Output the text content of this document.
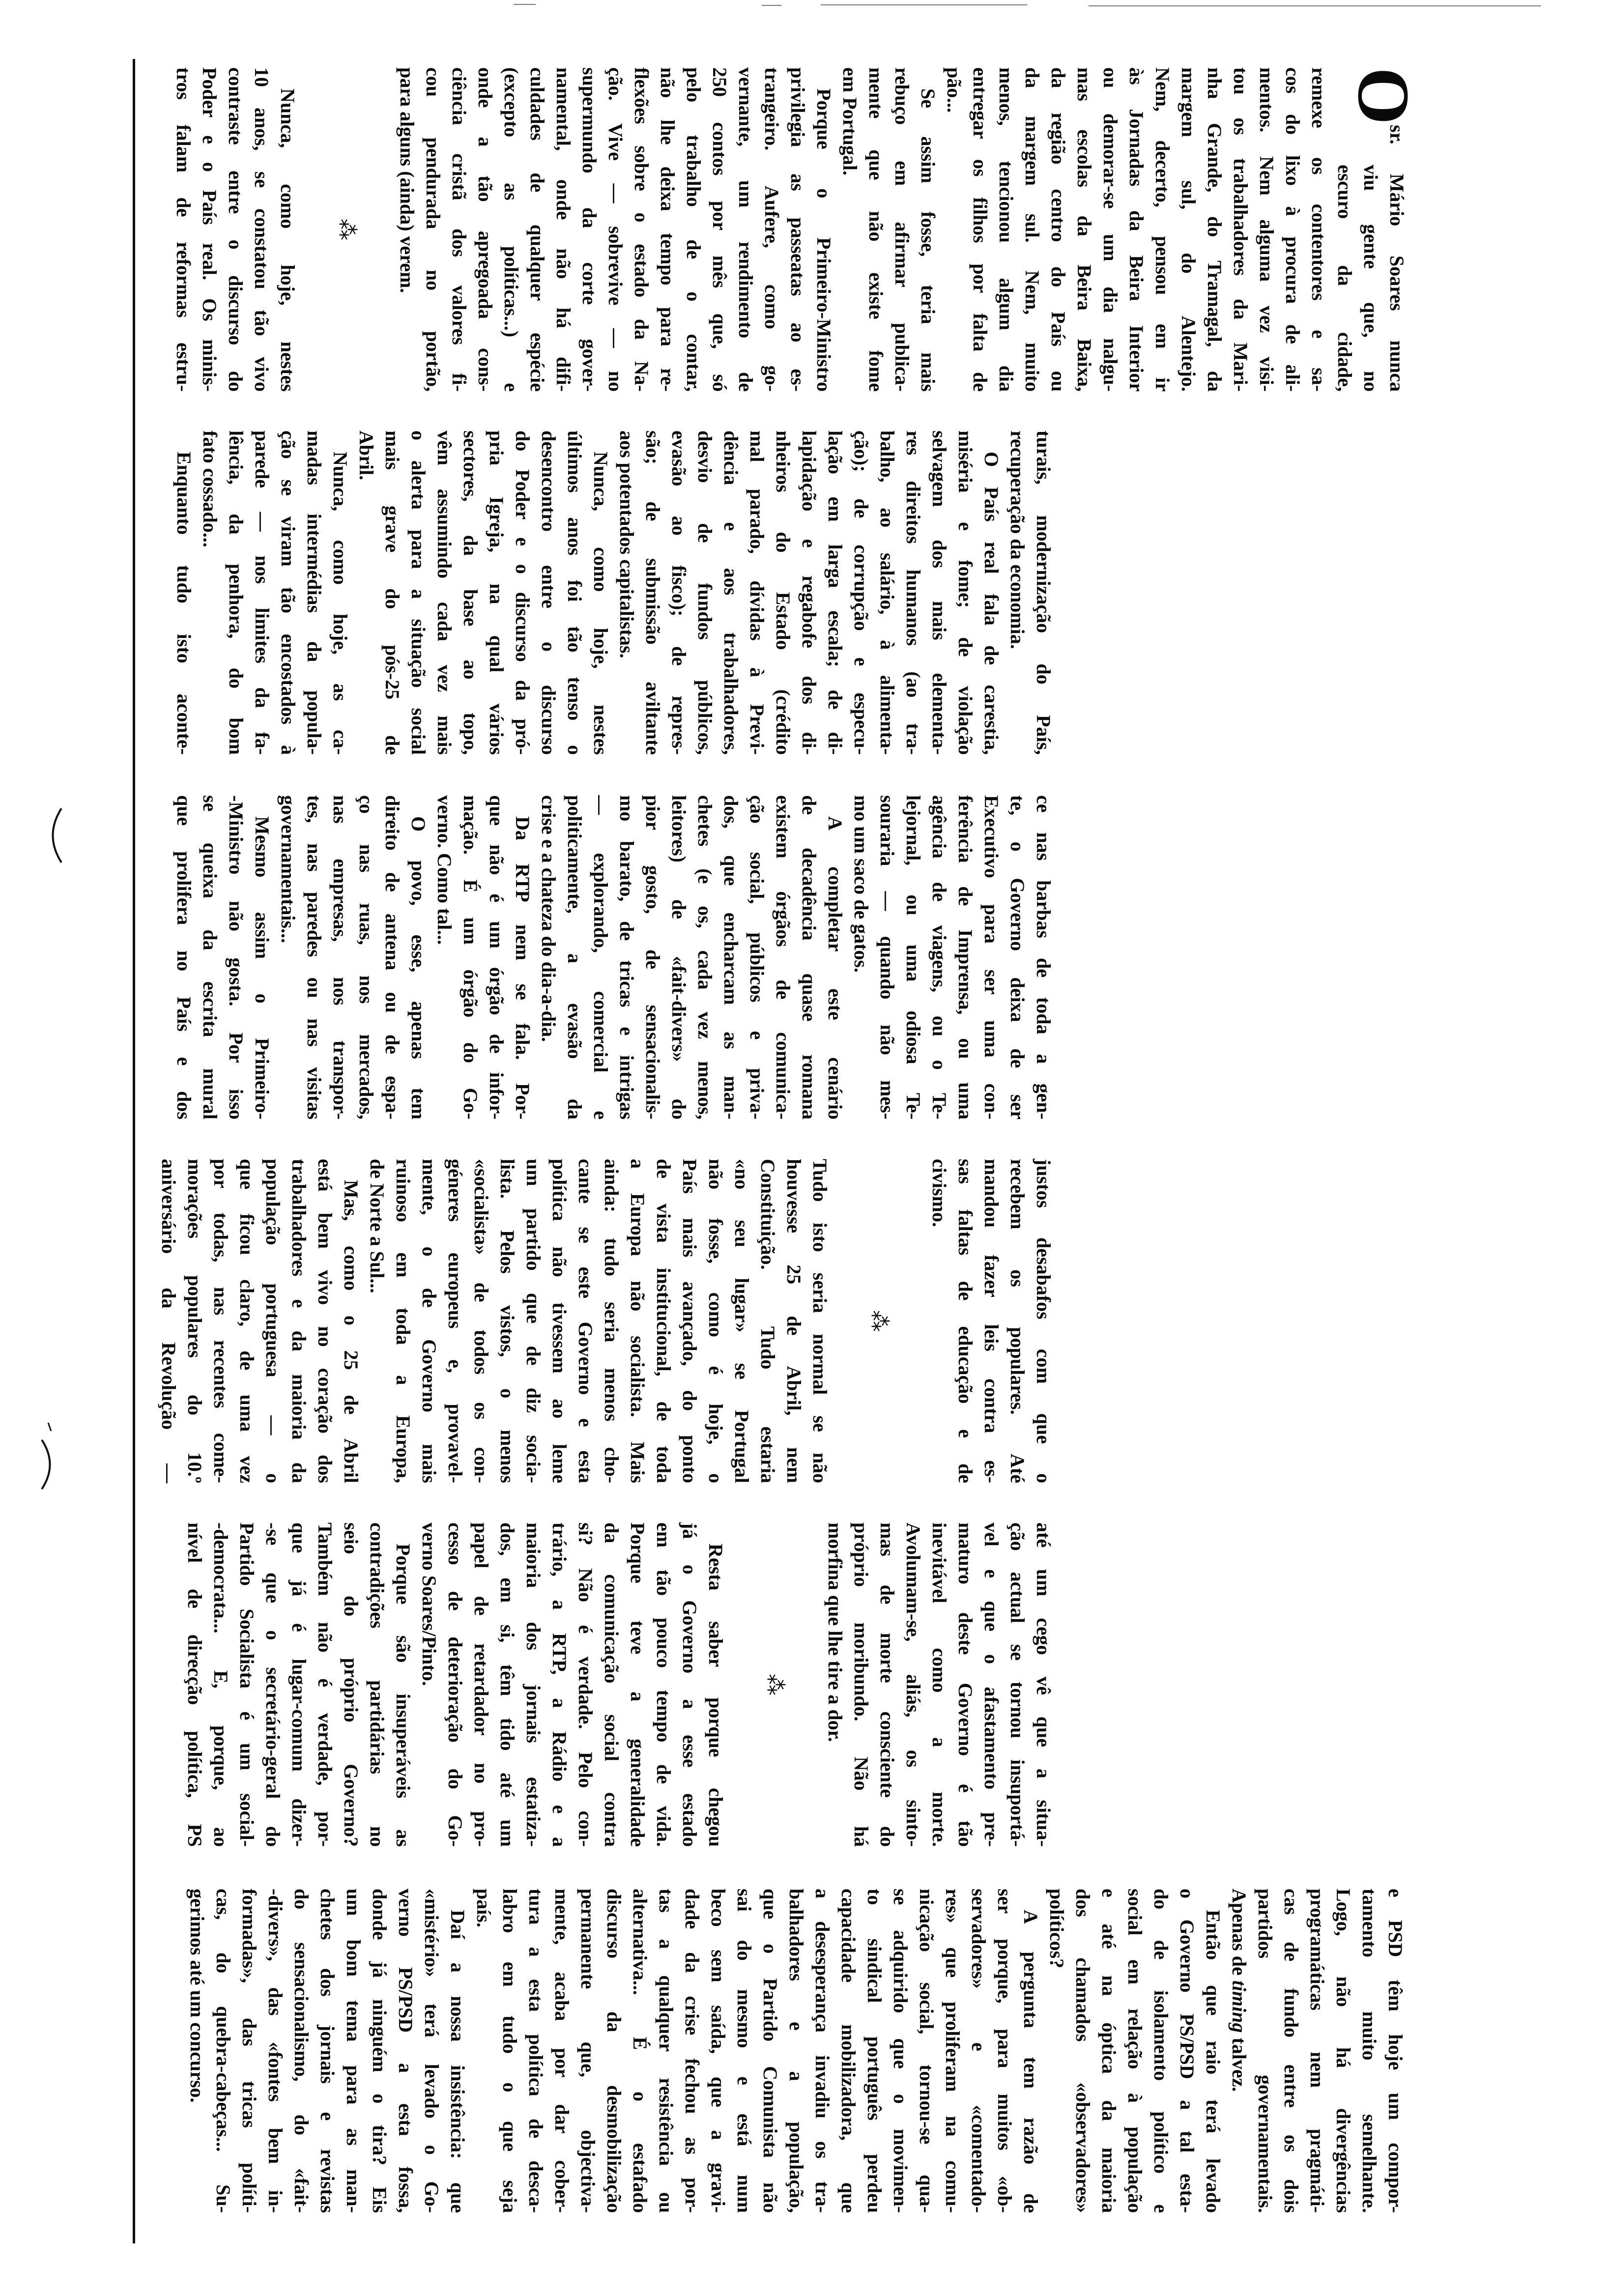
O
sr. Mário Soares nunca
viu gente que, no
escuro da cidade,
remexe os contentores e sa-
cos do lixo à procura de ali-
mentos. Nem alguma vez visi-
tou os trabalhadores da Mari-
nha Grande, do Tramagal, da
margem sul, do Alentejo.
Nem, decerto, pensou em ir
às Jornadas da Beira Interior
ou demorar-se um dia nalgu-
mas escolas da Beira Baixa,
da região centro do País ou
da margem sul. Nem, muito
menos, tencionou algum dia
entregar os filhos por falta de
pão...
Se assim fosse, teria mais
rebuço em afirmar publica-
mente que não existe fome
em Portugal.
Porque o Primeiro-Ministro
privilegia as passeatas ao es-
trangeiro. Aufere, como go-
vernante, um rendimento de
250 contos por mês que, só
pelo trabalho de o contar,
não lhe deixa tempo para re-
flexões sobre o estado da Na-
ção. Vive — sobrevive — no
supermundo da corte gover-
namental, onde não há difi-
culdades de qualquer espécie
(excepto as políticas...) e
onde a tão apregoada cons-
ciência cristã dos valores fi-
cou pendurada no portão,
para alguns (ainda) verem.
⁂
Nunca, como hoje, nestes
10 anos, se constatou tão vivo
contraste entre o discurso do
Poder e o País real. Os minis-
tros falam de reformas estru-
turais, modernização do País,
recuperação da economia.
O País real fala de carestia,
miséria e fome; de violação
selvagem dos mais elementa-
res direitos humanos (ao tra-
balho, ao salário, à alimenta-
ção); de corrupção e especu-
lação em larga escala; de di-
lapidação e regabofe dos di-
nheiros do Estado (crédito
mal parado, dívidas à Previ-
dência e aos trabalhadores,
desvio de fundos públicos,
evasão ao fisco); de repres-
são; de submissão aviltante
aos potentados capitalistas.
Nunca, como hoje, nestes
últimos anos foi tão tenso o
desencontro entre o discurso
do Poder e o discurso da pró-
pria Igreja, na qual vários
sectores, da base ao topo,
vêm assumindo cada vez mais
o alerta para a situação social
mais grave do pós-25 de
Abril.
Nunca, como hoje, as ca-
madas intermédias da popula-
ção se viram tão encostados à
parede — nos limites da fa-
lência, da penhora, do bom
fato cossado...
Enquanto tudo isto aconte-
ce nas barbas de toda a gen-
te, o Governo deixa de ser
Executivo para ser uma con-
ferência de Imprensa, ou uma
agência de viagens, ou o Te-
lejornal, ou uma odiosa Te-
souraria — quando não mes-
mo um saco de gatos.
A completar este cenário
de decadência quase romana
existem órgãos de comunica-
ção social, públicos e priva-
dos, que encharcam as man-
chetes (e os, cada vez menos,
leitores) de «fait-divers» do
pior gosto, de sensacionalis-
mo barato, de tricas e intrigas
— explorando, comercial e
politicamente, a evasão da
crise e a chateza do dia-a-dia.
Da RTP nem se fala. Por-
que não é um órgão de infor-
mação. É um órgão do Go-
verno. Como tal...
O povo, esse, apenas tem
direito de antena ou de espa-
ço nas ruas, nos mercados,
nas empresas, nos transpor-
tes, nas paredes ou nas visitas
governamentais...
Mesmo assim o Primeiro-
-Ministro não gosta. Por isso
se queixa da escrita mural
que prolifera no País e dos
justos desabafos com que o
recebem os populares. Até
mandou fazer leis contra es-
sas faltas de educação e de
civismo.
⁂
Tudo isto seria normal se não
houvesse 25 de Abril, nem
Constituição. Tudo estaria
«no seu lugar» se Portugal
não fosse, como é hoje, o
País mais avançado, do ponto
de vista institucional, de toda
a Europa não socialista. Mais
ainda: tudo seria menos cho-
cante se este Governo e esta
política não tivessem ao leme
um partido que de diz socia-
lista. Pelos vistos, o menos
«socialista» de todos os con-
géneres europeus e, provavel-
mente, o de Governo mais
ruinoso em toda a Europa,
de Norte a Sul...
Mas, como o 25 de Abril
está bem vivo no coração dos
trabalhadores e da maioria da
população portuguesa — o
que ficou claro, de uma vez
por todas, nas recentes come-
morações populares do 10.º
aniversário da Revolução —
até um cego vê que a situa-
ção actual se tornou insuportá-
vel e que o afastamento pre-
maturo deste Governo é tão
inevitável como a morte.
Avolumam-se, aliás, os sinto-
mas de morte consciente do
próprio moribundo. Não há
morfina que lhe tire a dor.
⁂
Resta saber porque chegou
já o Governo a esse estado
em tão pouco tempo de vida.
Porque teve a generalidade
da comunicação social contra
si? Não é verdade. Pelo con-
trário, a RTP, a Rádio e a
maioria dos jornais estatiza-
dos, em si, têm tido até um
papel de retardador no pro-
cesso de deterioração do Go-
verno Soares/Pinto.
Porque são insuperáveis as
contradições partidárias no
seio do próprio Governo?
Também não é verdade, por-
que já é lugar-comum dizer-
-se que o secretário-geral do
Partido Socialista é um social-
-democrata... E, porque, ao
nível de direcção política, PS
e PSD têm hoje um compor-
tamento muito semelhante.
Logo, não há divergências
programáticas nem pragmáti-
cas de fundo entre os dois
partidos governamentais.
Apenas de timing talvez.
Então que raio terá levado
o Governo PS/PSD a tal esta-
do de isolamento político e
social em relação à população
e até na óptica da maioria
dos chamados «observadores»
políticos?
A pergunta tem razão de
ser porque, para muitos «ob-
servadores» e «comentado-
res» que proliferam na comu-
nicação social, tornou-se qua-
se adquirido que o movimen-
to sindical português perdeu
capacidade mobilizadora, que
a desesperança invadiu os tra-
balhadores e a população,
que o Partido Comunista não
sai do mesmo e está num
beco sem saída, que a gravi-
dade da crise fechou as por-
tas a qualquer resistência ou
alternativa... É o estafado
discurso da desmobilização
permanente que, objectiva-
mente, acaba por dar cober-
tura a esta política de desca-
labro em tudo o que seja
país.
Daí a nossa insistência: que
«mistério» terá levado o Go-
verno PS/PSD a esta fossa,
donde já ninguém o tira? Eis
um bom tema para as man-
chetes dos jornais e revistas
do sensacionalismo, do «fait-
-divers», das «fontes bem in-
formadas», das tricas políti-
cas, do quebra-cabeças... Su-
gerimos até um concurso.
